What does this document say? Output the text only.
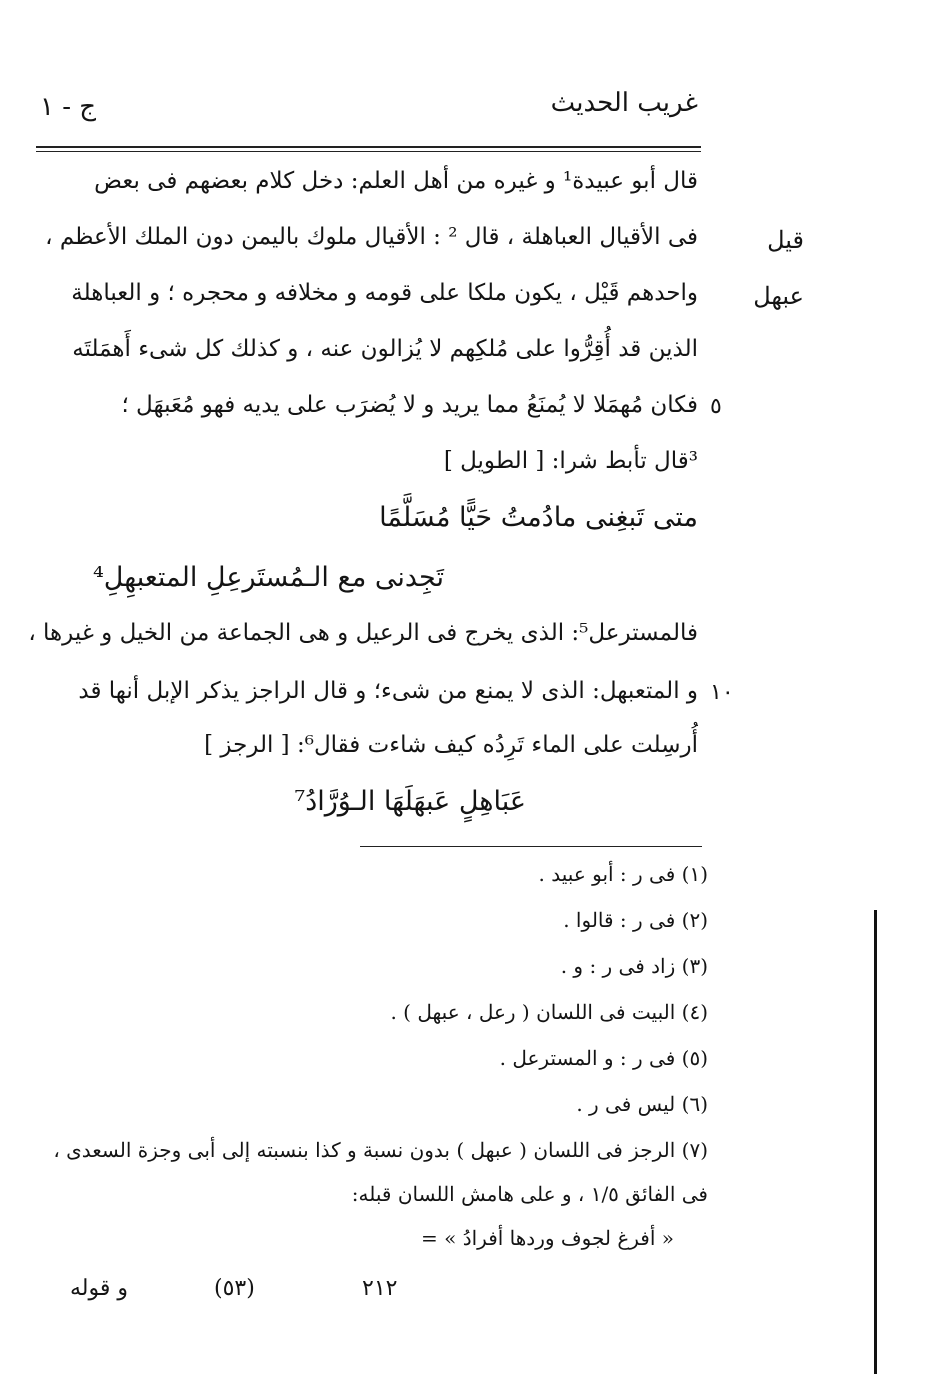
غريب الحديث
ج - ١
قيل
عبهل
٥
١٠
قال أبو عبيدة¹ و غيره من أهل العلم: دخل كلام بعضهم فى بعض
فى الأقيال العباهلة ، قال ² : الأقيال ملوك باليمن دون الملك الأعظم ،
واحدهم قَيْل ، يكون ملكا على قومه و مخلافه و محجره ؛ و العباهلة
الذين قد أُقِرُّوا على مُلكِهم لا يُزالون عنه ، و كذلك كل شىء أَهمَلتَه
فكان مُهمَلا لا يُمنَعُ مما يريد و لا يُضرَب على يديه فهو مُعَبهَل ؛
³قال تأبط شرا: [ الطويل ]
متى تَبغِنى مادُمتُ حَيًّا مُسَلَّمًا
تَجِدنى مع الـمُستَرعِلِ المتعبهِلِ⁴
فالمسترعل⁵: الذى يخرج فى الرعيل و هى الجماعة من الخيل و غيرها ،
و المتعبهل: الذى لا يمنع من شىء؛ و قال الراجز يذكر الإبل أنها قد
أُرسِلت على الماء تَرِدُه كيف شاءت فقال⁶: [ الرجز ]
عَبَاهِلٍ عَبهَلَهَا الـوُرَّادُ⁷
(١) فى ر : أبو عبيد .
(٢) فى ر : قالوا .
(٣) زاد فى ر : و .
(٤) البيت فى اللسان ( رعل ، عبهل ) .
(٥) فى ر : و المسترعل .
(٦) ليس فى ر .
(٧) الرجز فى اللسان ( عبهل ) بدون نسبة و كذا بنسبته إلى أبى وجزة السعدى ،
فى الفائق ١/٥ ، و على هامش اللسان قبله:
« أفرغ لجوف وردها أفرادُ » =
٢١٢
(٥٣)
و قوله
